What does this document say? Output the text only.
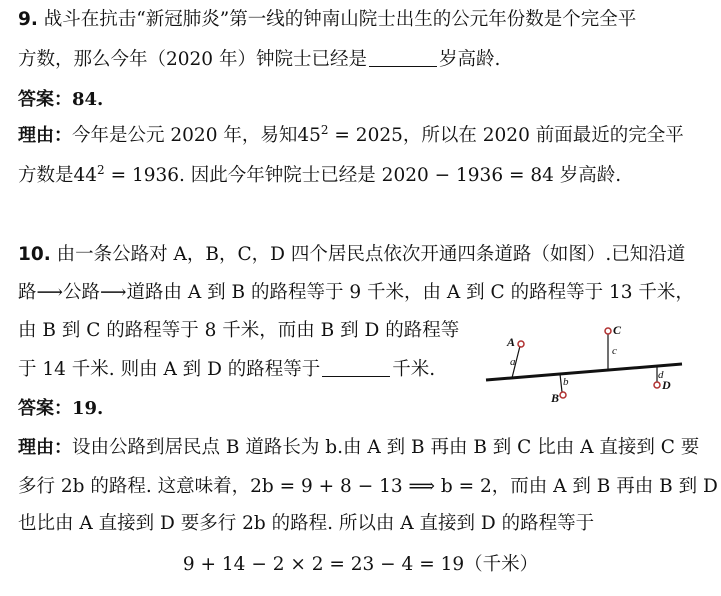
9. 战斗在抗击“新冠肺炎”第一线的钟南山院士出生的公元年份数是个完全平
方数，那么今年（2020 年）钟院士已经是	岁高龄.
答案：84.
理由：今年是公元 2020 年，易知$45^2 = 2025$，所以在 2020 前面最近的完全平
方数是$44^2 = 1936$. 因此今年钟院士已经是 2020 − 1936 = 84 岁高龄.
10. 由一条公路对 A，B，C，D 四个居民点依次开通四条道路（如图）.已知沿道
路⟶公路⟶道路由 A 到 B 的路程等于 9 千米，由 A 到 C 的路程等于 13 千米，
由 B 到 C 的路程等于 8 千米，而由 B 到 D 的路程等
于 14 千米. 则由 A 到 D 的路程等于	千米.
答案：19.
理由：设由公路到居民点 B 道路长为 b.由 A 到 B 再由 B 到 C 比由 A 直接到 C 要
多行 2b 的路程. 这意味着，2b = 9 + 8 − 13 ⟹ b = 2，而由 A 到 B 再由 B 到 D
也比由 A 直接到 D 要多行 2b 的路程. 所以由 A 直接到 D 的路程等于
9 + 14 − 2 × 2 = 23 − 4 = 19（千米）
A
a
C
c
B
b	D
d
